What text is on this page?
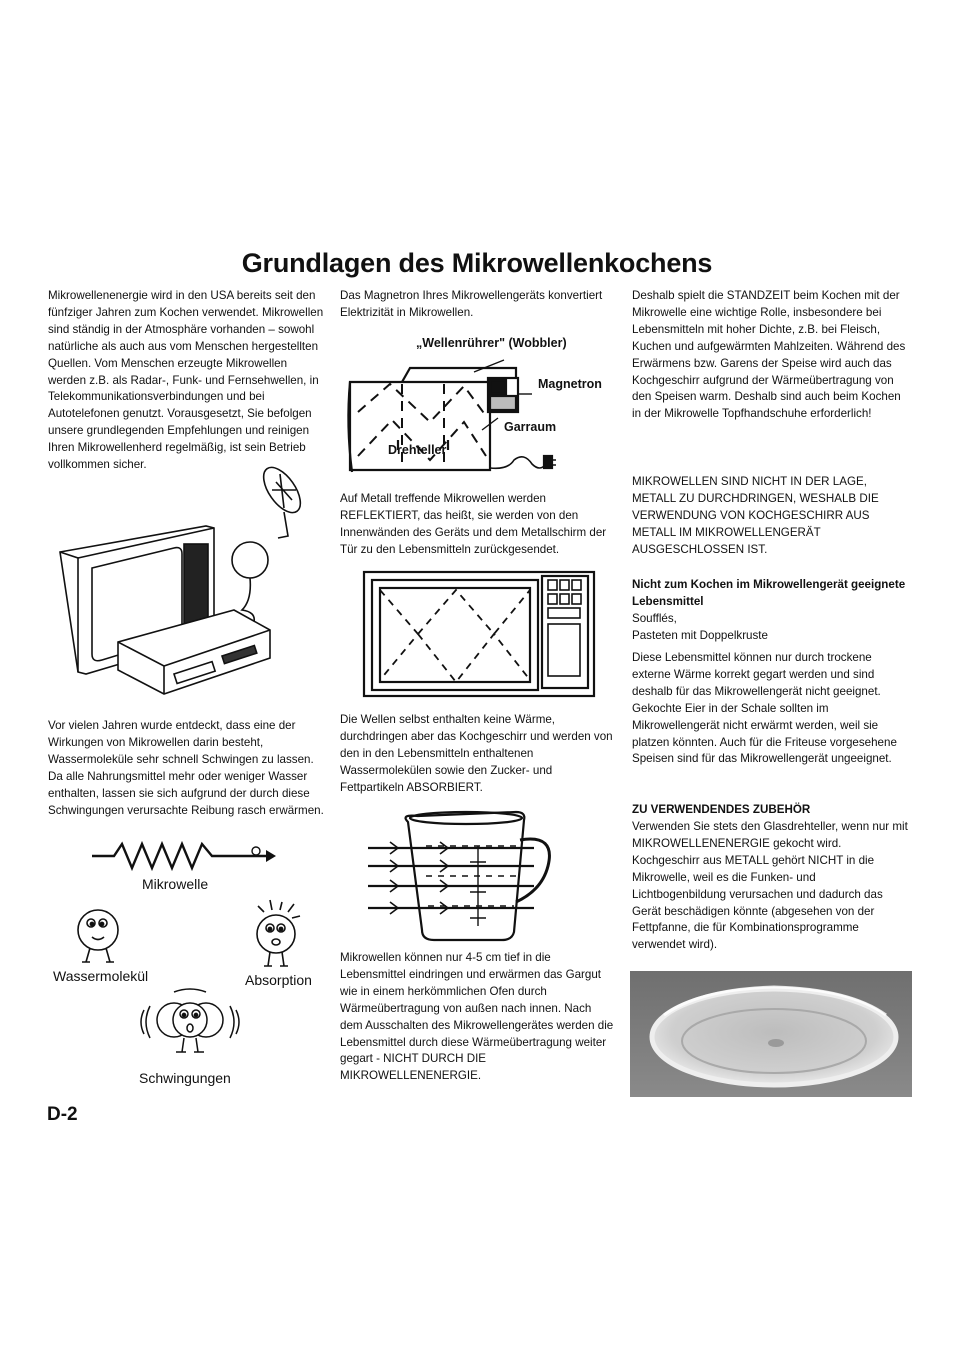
Grundlagen des Mikrowellenkochens

Mikrowellenenergie wird in den USA bereits seit den fünfziger Jahren zum Kochen verwendet. Mikrowellen sind ständig in der Atmosphäre vorhanden – sowohl natürliche als auch aus vom Menschen hergestellten Quellen. Vom Menschen erzeugte Mikrowellen werden z.B. als Radar-, Funk- und Fernsehwellen, in Telekommunikationsverbindungen und bei Autotelefonen genutzt. Vorausgesetzt, Sie befolgen unsere grundlegenden Empfehlungen und reinigen Ihren Mikrowellenherd regelmäßig, ist sein Betrieb vollkommen sicher.

Vor vielen Jahren wurde entdeckt, dass eine der Wirkungen von Mikrowellen darin besteht, Wassermoleküle sehr schnell Schwingen zu lassen. Da alle Nahrungsmittel mehr oder weniger Wasser enthalten, lassen sie sich aufgrund der durch diese Schwingungen verursachte Reibung rasch erwärmen.

Mikrowelle
Wassermolekül	Absorption
Schwingungen
D-2

Das Magnetron Ihres Mikrowellengeräts konvertiert Elektrizität in Mikrowellen.

„Wellenrührer" (Wobbler)
Magnetron
Garraum
Drehteller

Auf Metall treffende Mikrowellen werden REFLEKTIERT, das heißt, sie werden von den Innenwänden des Geräts und dem Metallschirm der Tür zu den Lebensmitteln zurückgesendet.

Die Wellen selbst enthalten keine Wärme, durchdringen aber das Kochgeschirr und werden von den in den Lebensmitteln enthaltenen Wassermolekülen sowie den Zucker- und Fettpartikeln ABSORBIERT.

Mikrowellen können nur 4-5 cm tief in die Lebensmittel eindringen und erwärmen das Gargut wie in einem herkömmlichen Ofen durch Wärmeübertragung von außen nach innen. Nach dem Ausschalten des Mikrowellengerätes werden die Lebensmittel durch diese Wärmeübertragung weiter gegart - NICHT DURCH DIE MIKROWELLENENERGIE.

Deshalb spielt die STANDZEIT beim Kochen mit der Mikrowelle eine wichtige Rolle, insbesondere bei Lebensmitteln mit hoher Dichte, z.B. bei Fleisch, Kuchen und aufgewärmten Mahlzeiten. Während des Erwärmens bzw. Garens der Speise wird auch das Kochgeschirr aufgrund der Wärmeübertragung von den Speisen warm. Deshalb sind auch beim Kochen in der Mikrowelle Topfhandschuhe erforderlich!

MIKROWELLEN SIND NICHT IN DER LAGE, METALL ZU DURCHDRINGEN, WESHALB DIE VERWENDUNG VON KOCHGESCHIRR AUS METALL IM MIKROWELLENGERÄT AUSGESCHLOSSEN IST.

Nicht zum Kochen im Mikrowellengerät geeignete Lebensmittel

Soufflés,

Pasteten mit Doppelkruste

Diese Lebensmittel können nur durch trockene externe Wärme korrekt gegart werden und sind deshalb für das Mikrowellengerät nicht geeignet. Gekochte Eier in der Schale sollten im Mikrowellengerät nicht erwärmt werden, weil sie platzen könnten. Auch für die Friteuse vorgesehene Speisen sind für das Mikrowellengerät ungeeignet.

ZU VERWENDENDES ZUBEHÖR

Verwenden Sie stets den Glasdrehteller, wenn nur mit MIKROWELLENENERGIE gekocht wird. Kochgeschirr aus METALL gehört NICHT in die Mikrowelle, weil es die Funken- und Lichtbogenbildung verursachen und dadurch das Gerät beschädigen könnte (abgesehen von der Fettpfanne, die für Kombinationsprogramme verwendet wird).
